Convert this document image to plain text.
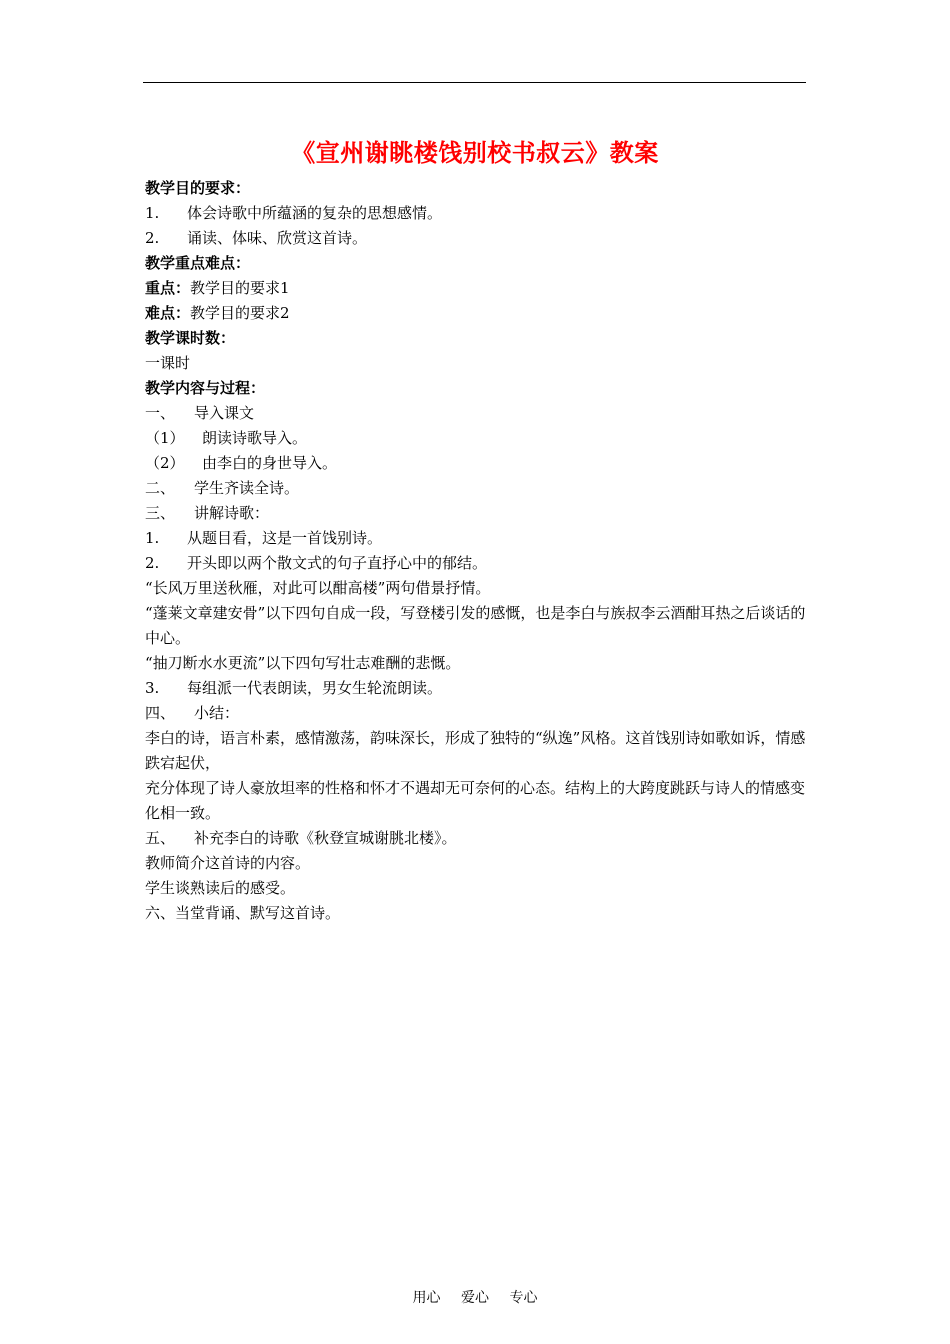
《宣州谢眺楼饯别校书叔云》教案
教学目的要求：
1. 体会诗歌中所蕴涵的复杂的思想感情。
2. 诵读、体味、欣赏这首诗。
教学重点难点：
重点：教学目的要求1
难点：教学目的要求2
教学课时数：
一课时
教学内容与过程：
一、 导入课文
（1） 朗读诗歌导入。
（2） 由李白的身世导入。
二、 学生齐读全诗。
三、 讲解诗歌：
1. 从题目看，这是一首饯别诗。
2. 开头即以两个散文式的句子直抒心中的郁结。
“长风万里送秋雁，对此可以酣高楼”两句借景抒情。
“蓬莱文章建安骨”以下四句自成一段，写登楼引发的感慨，也是李白与族叔李云酒酣耳热之后谈话的中心。
“抽刀断水水更流”以下四句写壮志难酬的悲慨。
3. 每组派一代表朗读，男女生轮流朗读。
四、 小结：
李白的诗，语言朴素，感情激荡，韵味深长，形成了独特的“纵逸”风格。这首饯别诗如歌如诉，情感跌宕起伏，
充分体现了诗人豪放坦率的性格和怀才不遇却无可奈何的心态。结构上的大跨度跳跃与诗人的情感变化相一致。
五、 补充李白的诗歌《秋登宣城谢朓北楼》。
教师简介这首诗的内容。
学生谈熟读后的感受。
六、当堂背诵、默写这首诗。
用心 爱心 专心
